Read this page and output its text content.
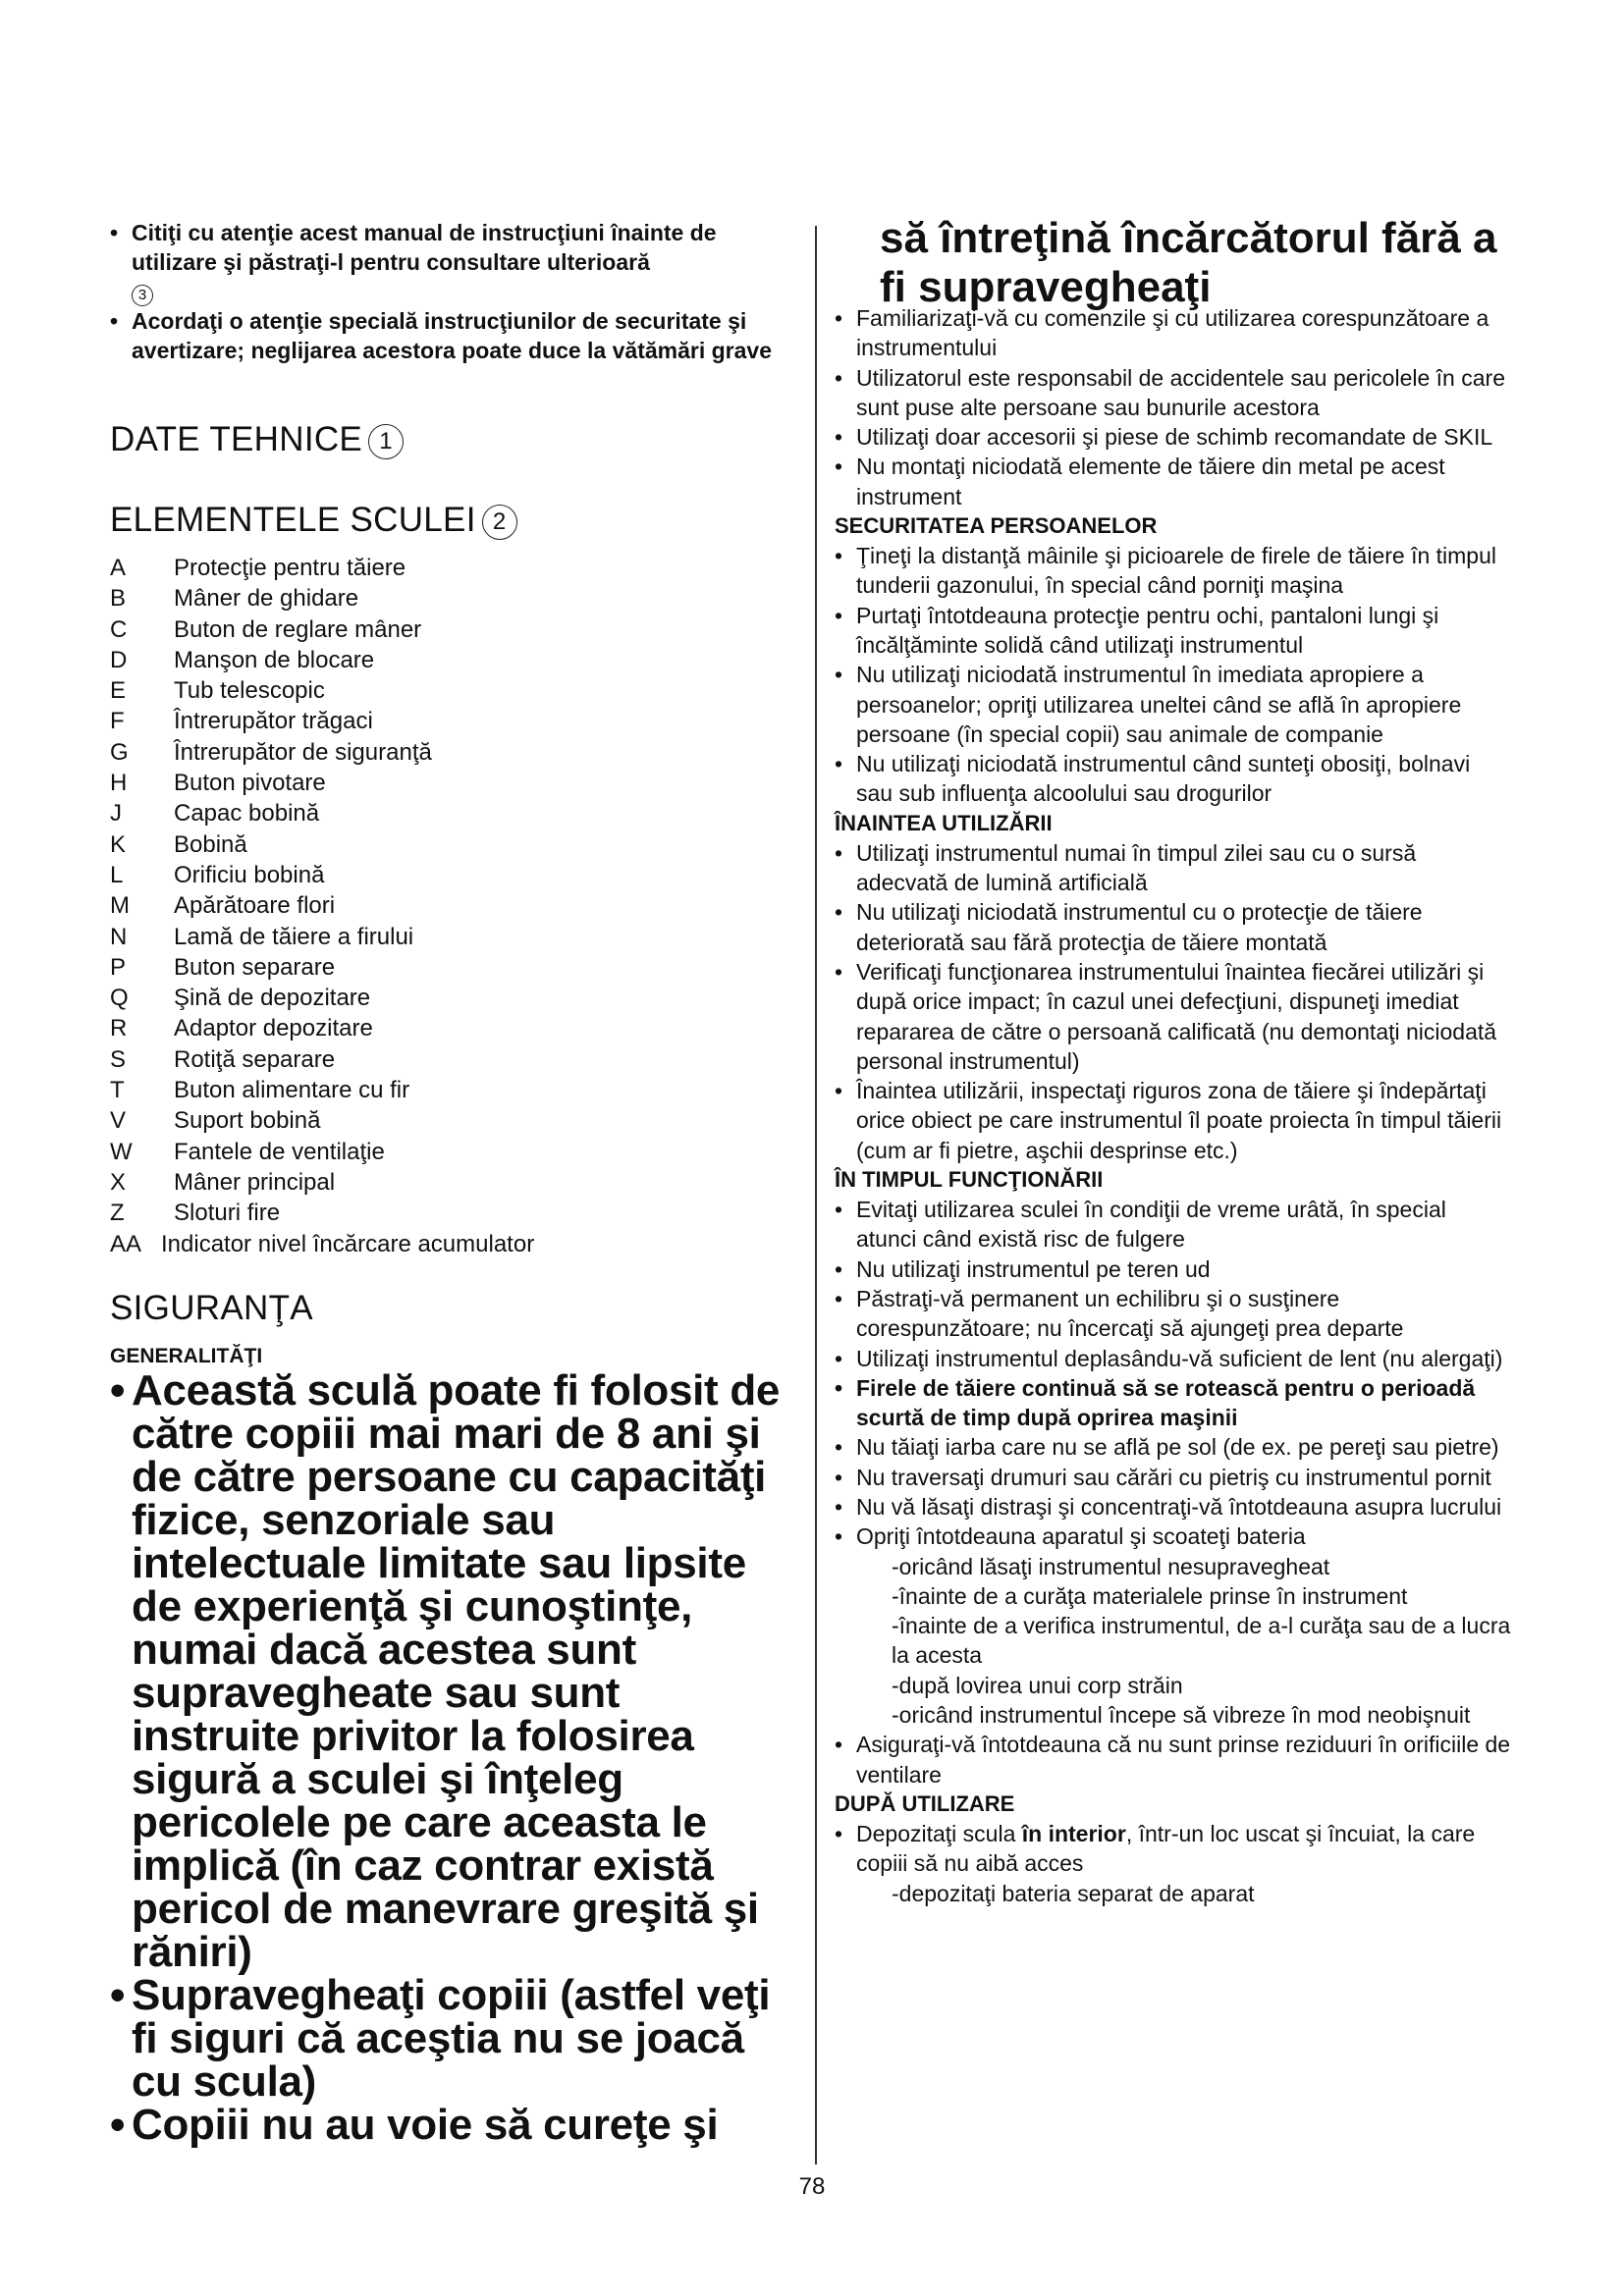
• Citiţi cu atenţie acest manual de instrucţiuni înainte de utilizare şi păstraţi-l pentru consultare ulterioară
3
• Acordaţi o atenţie specială instrucţiunilor de securitate şi avertizare; neglijarea acestora poate duce la vătămări grave
DATE TEHNICE 1
ELEMENTELE SCULEI 2
A	Protecţie pentru tăiere
B	Mâner de ghidare
C	Buton de reglare mâner
D	Manşon de blocare
E	Tub telescopic
F	Întrerupător trăgaci
G	Întrerupător de siguranţă
H	Buton pivotare
J	Capac bobină
K	Bobină
L	Orificiu bobină
M	Apărătoare flori
N	Lamă de tăiere a firului
P	Buton separare
Q	Şină de depozitare
R	Adaptor depozitare
S	Rotiţă separare
T	Buton alimentare cu fir
V	Suport bobină
W	Fantele de ventilaţie
X	Mâner principal
Z	Sloturi fire
AA Indicator nivel încărcare acumulator
SIGURANŢA
GENERALITĂŢI
• Această sculă poate fi folosit de către copiii mai mari de 8 ani şi de către persoane cu capacităţi fizice, senzoriale sau intelectuale limitate sau lipsite de experienţă şi cunoştinţe, numai dacă acestea sunt supravegheate sau sunt instruite privitor la folosirea sigură a sculei şi înţeleg pericolele pe care aceasta le implică (în caz contrar există pericol de manevrare greşită şi răniri)
• Supravegheaţi copiii (astfel veţi fi siguri că aceştia nu se joacă cu scula)
• Copiii nu au voie să cureţe şi
să întreţină încărcătorul fără a fi supravegheaţi
• Familiarizaţi-vă cu comenzile şi cu utilizarea corespunzătoare a instrumentului
• Utilizatorul este responsabil de accidentele sau pericolele în care sunt puse alte persoane sau bunurile acestora
• Utilizaţi doar accesorii şi piese de schimb recomandate de SKIL
• Nu montaţi niciodată elemente de tăiere din metal pe acest instrument
SECURITATEA PERSOANELOR
• Ţineţi la distanţă mâinile şi picioarele de firele de tăiere în timpul tunderii gazonului, în special când porniţi maşina
• Purtaţi întotdeauna protecţie pentru ochi, pantaloni lungi şi încălţăminte solidă când utilizaţi instrumentul
• Nu utilizaţi niciodată instrumentul în imediata apropiere a persoanelor; opriţi utilizarea uneltei când se află în apropiere persoane (în special copii) sau animale de companie
• Nu utilizaţi niciodată instrumentul când sunteţi obosiţi, bolnavi sau sub influenţa alcoolului sau drogurilor
ÎNAINTEA UTILIZĂRII
• Utilizaţi instrumentul numai în timpul zilei sau cu o sursă adecvată de lumină artificială
• Nu utilizaţi niciodată instrumentul cu o protecţie de tăiere deteriorată sau fără protecţia de tăiere montată
• Verificaţi funcţionarea instrumentului înaintea fiecărei utilizări şi după orice impact; în cazul unei defecţiuni, dispuneţi imediat repararea de către o persoană calificată (nu demontaţi niciodată personal instrumentul)
• Înaintea utilizării, inspectaţi riguros zona de tăiere şi îndepărtaţi orice obiect pe care instrumentul îl poate proiecta în timpul tăierii (cum ar fi pietre, aşchii desprinse etc.)
ÎN TIMPUL FUNCŢIONĂRII
• Evitaţi utilizarea sculei în condiţii de vreme urâtă, în special atunci când există risc de fulgere
• Nu utilizaţi instrumentul pe teren ud
• Păstraţi-vă permanent un echilibru şi o susţinere corespunzătoare; nu încercaţi să ajungeţi prea departe
• Utilizaţi instrumentul deplasându-vă suficient de lent (nu alergaţi)
• Firele de tăiere continuă să se rotească pentru o perioadă scurtă de timp după oprirea maşinii
• Nu tăiaţi iarba care nu se află pe sol (de ex. pe pereţi sau pietre)
• Nu traversaţi drumuri sau cărări cu pietriş cu instrumentul pornit
• Nu vă lăsaţi distraşi şi concentraţi-vă întotdeauna asupra lucrului
• Opriţi întotdeauna aparatul şi scoateţi bateria
-oricând lăsaţi instrumentul nesupravegheat
-înainte de a curăţa materialele prinse în instrument
-înainte de a verifica instrumentul, de a-l curăţa sau de a lucra la acesta
-după lovirea unui corp străin
-oricând instrumentul începe să vibreze în mod neobişnuit
• Asiguraţi-vă întotdeauna că nu sunt prinse reziduuri în orificiile de ventilare
DUPĂ UTILIZARE
• Depozitaţi scula în interior, într-un loc uscat şi încuiat, la care copiii să nu aibă acces
-depozitaţi bateria separat de aparat
78
